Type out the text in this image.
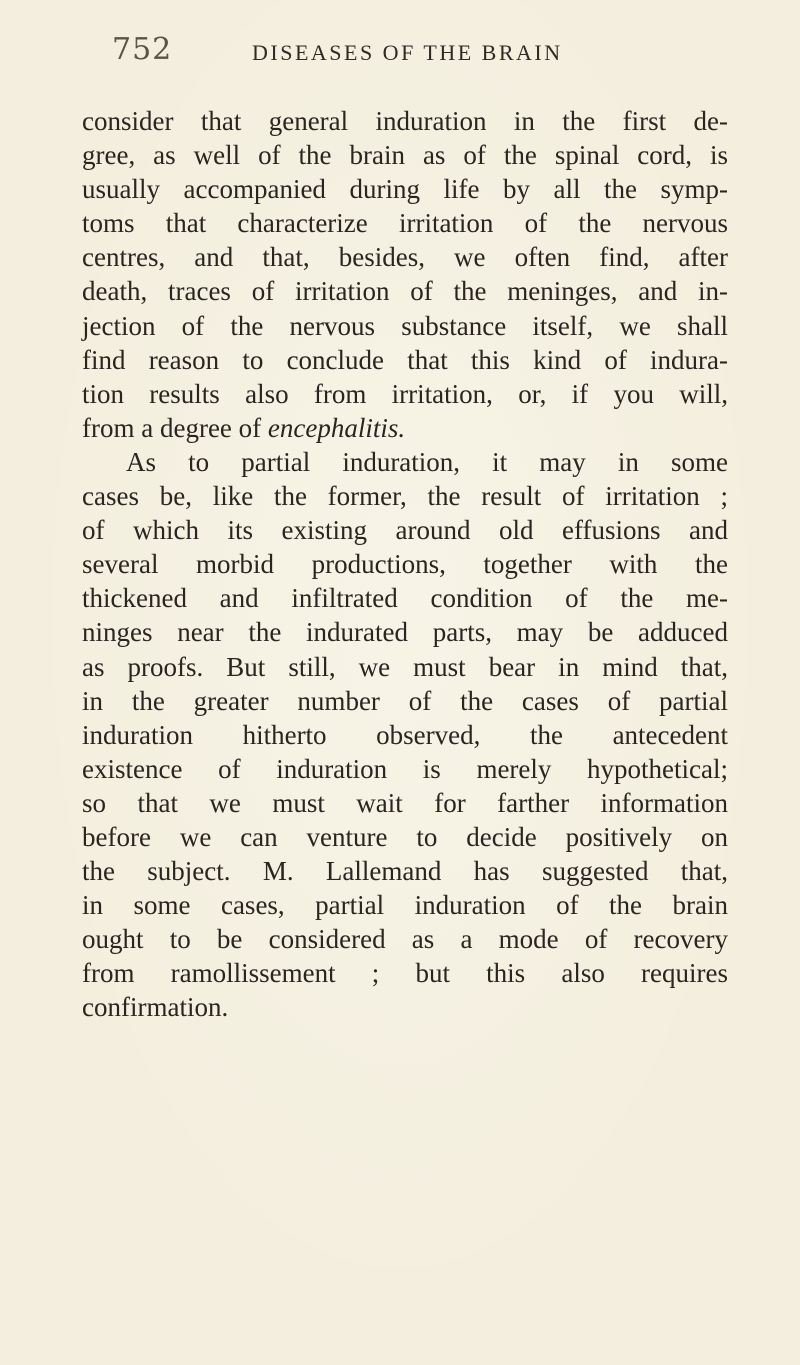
752	DISEASES OF THE BRAIN
consider that general induration in the first de-
gree, as well of the brain as of the spinal cord, is
usually accompanied during life by all the symp-
toms that characterize irritation of the nervous
centres, and that, besides, we often find, after
death, traces of irritation of the meninges, and in-
jection of the nervous substance itself, we shall
find reason to conclude that this kind of indura-
tion results also from irritation, or, if you will,
from a degree of encephalitis.
As to partial induration, it may in some
cases be, like the former, the result of irritation ;
of which its existing around old effusions and
several morbid productions, together with the
thickened and infiltrated condition of the me-
ninges near the indurated parts, may be adduced
as proofs. But still, we must bear in mind that,
in the greater number of the cases of partial
induration hitherto observed, the antecedent
existence of induration is merely hypothetical;
so that we must wait for farther information
before we can venture to decide positively on
the subject. M. Lallemand has suggested that,
in some cases, partial induration of the brain
ought to be considered as a mode of recovery
from ramollissement ; but this also requires
confirmation.
